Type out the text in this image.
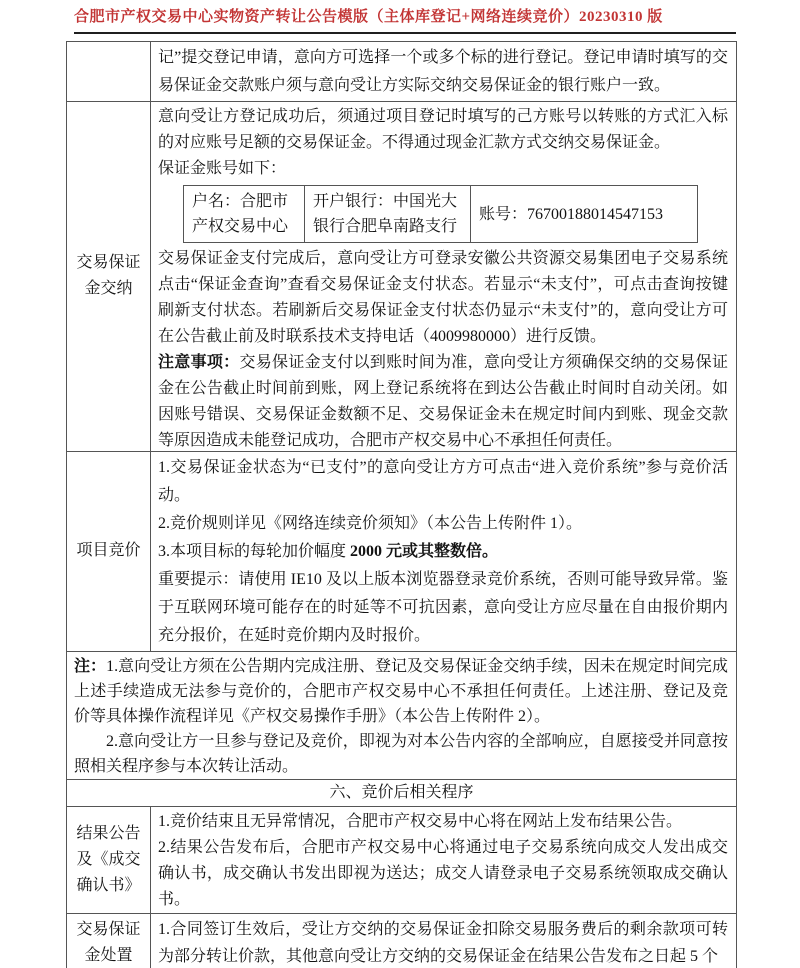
合肥市产权交易中心实物资产转让公告模版（主体库登记+网络连续竞价）20230310 版

记”提交登记申请，意向方可选择一个或多个标的进行登记。登记申请时填写的交易保证金交款账户须与意向受让方实际交纳交易保证金的银行账户一致。

交易保证金交纳

意向受让方登记成功后，须通过项目登记时填写的己方账号以转账的方式汇入标的对应账号足额的交易保证金。不得通过现金汇款方式交纳交易保证金。

保证金账号如下：

户名：合肥市产权交易中心
开户银行：中国光大银行合肥阜南路支行
账号：76700188014547153

交易保证金支付完成后，意向受让方可登录安徽公共资源交易集团电子交易系统点击“保证金查询”查看交易保证金支付状态。若显示“未支付”，可点击查询按键刷新支付状态。若刷新后交易保证金支付状态仍显示“未支付”的，意向受让方可在公告截止前及时联系技术支持电话（4009980000）进行反馈。

注意事项：交易保证金支付以到账时间为准，意向受让方须确保交纳的交易保证金在公告截止时间前到账，网上登记系统将在到达公告截止时间时自动关闭。如因账号错误、交易保证金数额不足、交易保证金未在规定时间内到账、现金交款等原因造成未能登记成功，合肥市产权交易中心不承担任何责任。

项目竞价

1.交易保证金状态为“已支付”的意向受让方方可点击“进入竞价系统”参与竞价活动。

2.竞价规则详见《网络连续竞价须知》（本公告上传附件 1）。

3.本项目标的每轮加价幅度 2000 元或其整数倍。

重要提示：请使用 IE10 及以上版本浏览器登录竞价系统，否则可能导致异常。鉴于互联网环境可能存在的时延等不可抗因素，意向受让方应尽量在自由报价期内充分报价，在延时竞价期内及时报价。

注：1.意向受让方须在公告期内完成注册、登记及交易保证金交纳手续，因未在规定时间完成上述手续造成无法参与竞价的，合肥市产权交易中心不承担任何责任。上述注册、登记及竞价等具体操作流程详见《产权交易操作手册》（本公告上传附件 2）。

2.意向受让方一旦参与登记及竞价，即视为对本公告内容的全部响应，自愿接受并同意按照相关程序参与本次转让活动。

六、竞价后相关程序
结果公告及《成交确认书》

1.竞价结束且无异常情况，合肥市产权交易中心将在网站上发布结果公告。

2.结果公告发布后，合肥市产权交易中心将通过电子交易系统向成交人发出成交确认书，成交确认书发出即视为送达；成交人请登录电子交易系统领取成交确认书。

交易保证金处置

1.合同签订生效后，受让方交纳的交易保证金扣除交易服务费后的剩余款项可转为部分转让价款，其他意向受让方交纳的交易保证金在结果公告发布之日起 5 个
